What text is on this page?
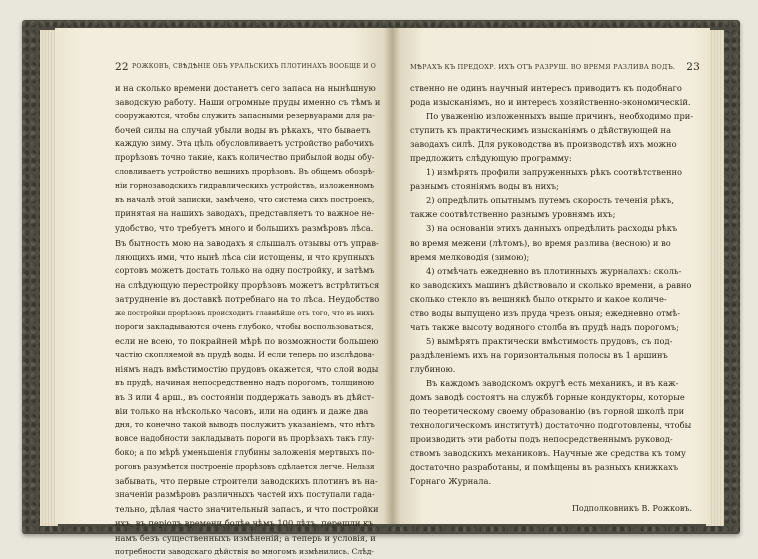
22 РОЖКОВЪ, СВѢДѢНІЕ ОБЪ УРАЛЬСКИХЪ ПЛОТИНАХЪ ВООБЩЕ И О	МѢРАХЪ КЪ ПРЕДОХР. ИХЪ ОТЪ РАЗРУШ. ВО ВРЕМЯ РАЗЛИВА ВОДЪ.	23
и на сколько времени достанетъ сего запаса на нынѣшную
заводскую работу. Наши огромные пруды именно съ тѣмъ и
сооружаются, чтобы служить запасными резервуарами для ра-
бочей силы на случай убыли воды въ рѣкахъ, что бываетъ
каждую зиму. Эта цѣль обусловливаетъ устройство рабочихъ
прорѣзовъ точно такие, какъ количество прибылой воды обу-
словливаетъ устройство вешнихъ прорѣзовъ. Въ общемъ обозрѣ-
ніи горнозаводскихъ гидравлическихъ устройствъ, изложенномъ
въ началѣ этой записки, замѣчено, что система сихъ построекъ,
принятая на нашихъ заводахъ, представляетъ то важное не-
удобство, что требуетъ много и большихъ размѣровъ лѣса.
Въ бытность мою на заводахъ я слышалъ отзывы отъ управ-
ляющихъ ими, что нынѣ лѣса сіи истощены, и что крупныхъ
сортовъ можетъ достать только на одну постройку, и затѣмъ
на слѣдующую перестройку прорѣзовъ можетъ встрѣтиться
затрудненіе въ доставкѣ потребнаго на то лѣса. Неудобство
же постройки прорѣзовъ происходитъ главнѣйше отъ того, что въ нихъ
пороги закладываются очень глубоко, чтобы воспользоваться,
если не всею, то покрайней мѣрѣ по возможности большею
частію скопляемой въ прудѣ воды. И если теперь по изслѣдова-
ніямъ надъ вмѣстимостію прудовъ окажется, что слой воды
въ прудѣ, начиная непосредственно надъ порогомъ, толщиною
въ 3 или 4 арш., въ состояніи поддержать заводъ въ дѣйст-
віи только на нѣсколько часовъ, или на одинъ и даже два
дня, то конечно такой выводъ послужитъ указаніемъ, что нѣтъ
вовсе надобности закладывать пороги въ прорѣзахъ такъ глу-
боко; а по мѣрѣ уменьшенія глубины заложенія мертвыхъ по-
роговъ разумѣется построеніе прорѣзовъ сдѣлается легче. Нельзя
забывать, что первые строители заводскихъ плотинъ въ на-
значеніи размѣровъ различныхъ частей ихъ поступали гада-
тельно, дѣлая часто значительный запасъ, и что постройки
ихъ, въ періодъ времени болѣе чѣмъ 100 лѣтъ, перешли къ
намъ безъ существенныхъ измѣненій; а теперь и условія, и
потребности заводскаго дѣйствія во многомъ измѣнились. Слѣд-
ственно не одинъ научный интересъ приводитъ къ подобнаго
рода изысканіямъ, но и интересъ хозяйственно-экономическій.
По уваженію изложенныхъ выше причинъ, необходимо при-
ступить къ практическимъ изысканіямъ о дѣйствующей на
заводахъ силѣ. Для руководства въ производствѣ ихъ можно
предложить слѣдующую программу:
1) измѣрять профили запруженныхъ рѣкъ соотвѣтственно
разнымъ стояніямъ воды въ нихъ;
2) опредѣлить опытнымъ путемъ скорость теченія рѣкъ,
также соотвѣтственно разнымъ уровнямъ ихъ;
3) на основаніи этихъ данныхъ опредѣлить расходы рѣкъ
во время межени (лѣтомъ), во время разлива (весною) и во
время мелководія (зимою);
4) отмѣчать ежедневно въ плотинныхъ журналахъ: сколь-
ко заводскихъ машинъ дѣйствовало и сколько времени, а равно
сколько стекло въ вешнякѣ было открыто и какое количе-
ство воды выпущено изъ пруда чрезъ оныя; ежедневно отмѣ-
чать также высоту водяного столба въ прудѣ надъ порогомъ;
5) вымѣрять практически вмѣстимость прудовъ, съ под-
раздѣленіемъ ихъ на горизонтальныя полосы въ 1 аршинъ
глубиною.
Въ каждомъ заводскомъ округѣ есть механикъ, и въ каж-
домъ заводѣ состоятъ на службѣ горные кондукторы, которые
по теоретическому своему образованію (въ горной школѣ при
технологическомъ институтѣ) достаточно подготовлены, чтобы
производить эти работы подъ непосредственнымъ руковод-
ствомъ заводскихъ механиковъ. Научные же средства къ тому
достаточно разработаны, и помѣщены въ разныхъ книжкахъ
Горнаго Журнала.
Подполковникъ В. Рожковъ.
